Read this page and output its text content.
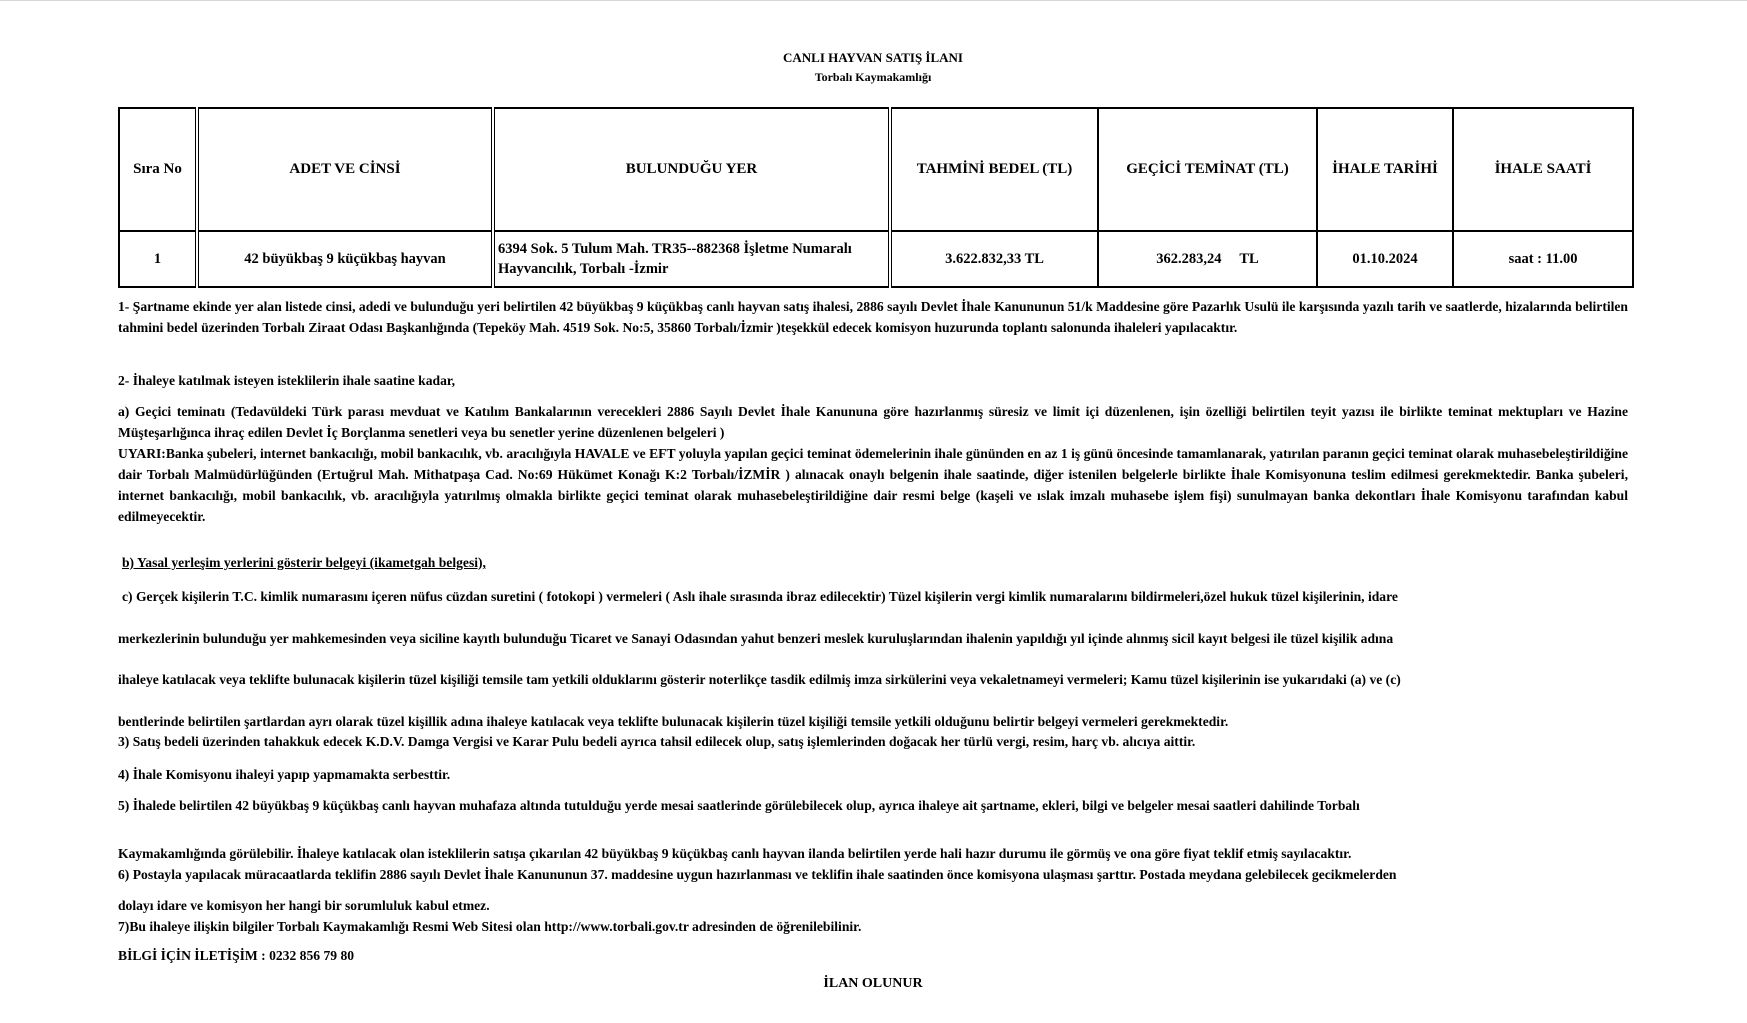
CANLI HAYVAN SATIŞ İLANI
Torbalı Kaymakamlığı
Sıra No	ADET VE CİNSİ	BULUNDUĞU YER	TAHMİNİ BEDEL (TL)	GEÇİCİ TEMİNAT (TL)	İHALE TARİHİ	İHALE SAATİ
1	42 büyükbaş 9 küçükbaş hayvan	6394 Sok. 5 Tulum Mah. TR35--882368 İşletme Numaralı Hayvancılık, Torbalı -İzmir	3.622.832,33 TL	362.283,24     TL	01.10.2024	saat : 11.00
1- Şartname ekinde yer alan listede cinsi, adedi ve bulunduğu yeri belirtilen 42 büyükbaş 9 küçükbaş canlı hayvan satış ihalesi, 2886 sayılı Devlet İhale Kanununun 51/k Maddesine göre Pazarlık Usulü ile karşısında yazılı tarih ve saatlerde, hizalarında belirtilen tahmini bedel üzerinden Torbalı Ziraat Odası Başkanlığında (Tepeköy Mah. 4519 Sok. No:5, 35860 Torbalı/İzmir )teşekkül edecek komisyon huzurunda toplantı salonunda ihaleleri yapılacaktır.
2- İhaleye katılmak isteyen isteklilerin ihale saatine kadar,
a) Geçici teminatı (Tedavüldeki Türk parası mevduat ve Katılım Bankalarının verecekleri 2886 Sayılı Devlet İhale Kanununa göre hazırlanmış süresiz ve limit içi düzenlenen, işin özelliği belirtilen teyit yazısı ile birlikte teminat mektupları ve Hazine Müşteşarlığınca ihraç edilen Devlet İç Borçlanma senetleri veya bu senetler yerine düzenlenen belgeleri )
UYARI:Banka şubeleri, internet bankacılığı, mobil bankacılık, vb. aracılığıyla HAVALE ve EFT yoluyla yapılan geçici teminat ödemelerinin ihale gününden en az 1 iş günü öncesinde tamamlanarak, yatırılan paranın geçici teminat olarak muhasebeleştirildiğine dair Torbalı Malmüdürlüğünden (Ertuğrul Mah. Mithatpaşa Cad. No:69 Hükümet Konağı K:2 Torbalı/İZMİR ) alınacak onaylı belgenin ihale saatinde, diğer istenilen belgelerle birlikte İhale Komisyonuna teslim edilmesi gerekmektedir. Banka şubeleri, internet bankacılığı, mobil bankacılık, vb. aracılığıyla yatırılmış olmakla birlikte geçici teminat olarak muhasebeleştirildiğine dair resmi belge (kaşeli ve ıslak imzalı muhasebe işlem fişi) sunulmayan banka dekontları İhale Komisyonu tarafından kabul edilmeyecektir.
b) Yasal yerleşim yerlerini gösterir belgeyi (ikametgah belgesi),
c) Gerçek kişilerin T.C. kimlik numarasını içeren nüfus cüzdan suretini ( fotokopi ) vermeleri ( Aslı ihale sırasında ibraz edilecektir) Tüzel kişilerin vergi kimlik numaralarını bildirmeleri,özel hukuk tüzel kişilerinin, idare
merkezlerinin bulunduğu yer mahkemesinden veya siciline kayıtlı bulunduğu Ticaret ve Sanayi Odasından yahut benzeri meslek kuruluşlarından ihalenin yapıldığı yıl içinde alınmış sicil kayıt belgesi ile tüzel kişilik adına
ihaleye katılacak veya teklifte bulunacak kişilerin tüzel kişiliği temsile tam yetkili olduklarını gösterir noterlikçe tasdik edilmiş imza sirkülerini veya vekaletnameyi vermeleri; Kamu tüzel kişilerinin ise yukarıdaki (a) ve (c)
bentlerinde belirtilen şartlardan ayrı olarak tüzel kişillik adına ihaleye katılacak veya teklifte bulunacak kişilerin tüzel kişiliği temsile yetkili olduğunu belirtir belgeyi vermeleri gerekmektedir.
3) Satış bedeli üzerinden tahakkuk edecek K.D.V. Damga Vergisi ve Karar Pulu bedeli ayrıca tahsil edilecek olup, satış işlemlerinden doğacak her türlü vergi, resim, harç vb. alıcıya aittir.
4) İhale Komisyonu ihaleyi yapıp yapmamakta serbesttir.
5) İhalede belirtilen 42 büyükbaş 9 küçükbaş canlı hayvan muhafaza altında tutulduğu yerde mesai saatlerinde görülebilecek olup, ayrıca ihaleye ait şartname, ekleri, bilgi ve belgeler mesai saatleri dahilinde Torbalı
Kaymakamlığında görülebilir. İhaleye katılacak olan isteklilerin satışa çıkarılan 42 büyükbaş 9 küçükbaş canlı hayvan ilanda belirtilen yerde hali hazır durumu ile görmüş ve ona göre fiyat teklif etmiş sayılacaktır.
6) Postayla yapılacak müracaatlarda teklifin 2886 sayılı Devlet İhale Kanununun 37. maddesine uygun hazırlanması ve teklifin ihale saatinden önce komisyona ulaşması şarttır. Postada meydana gelebilecek gecikmelerden
dolayı idare ve komisyon her hangi bir sorumluluk kabul etmez.
7)Bu ihaleye ilişkin bilgiler Torbalı Kaymakamlığı Resmi Web Sitesi olan http://www.torbali.gov.tr adresinden de öğrenilebilinir.
BİLGİ İÇİN İLETİŞİM : 0232 856 79 80
İLAN OLUNUR
